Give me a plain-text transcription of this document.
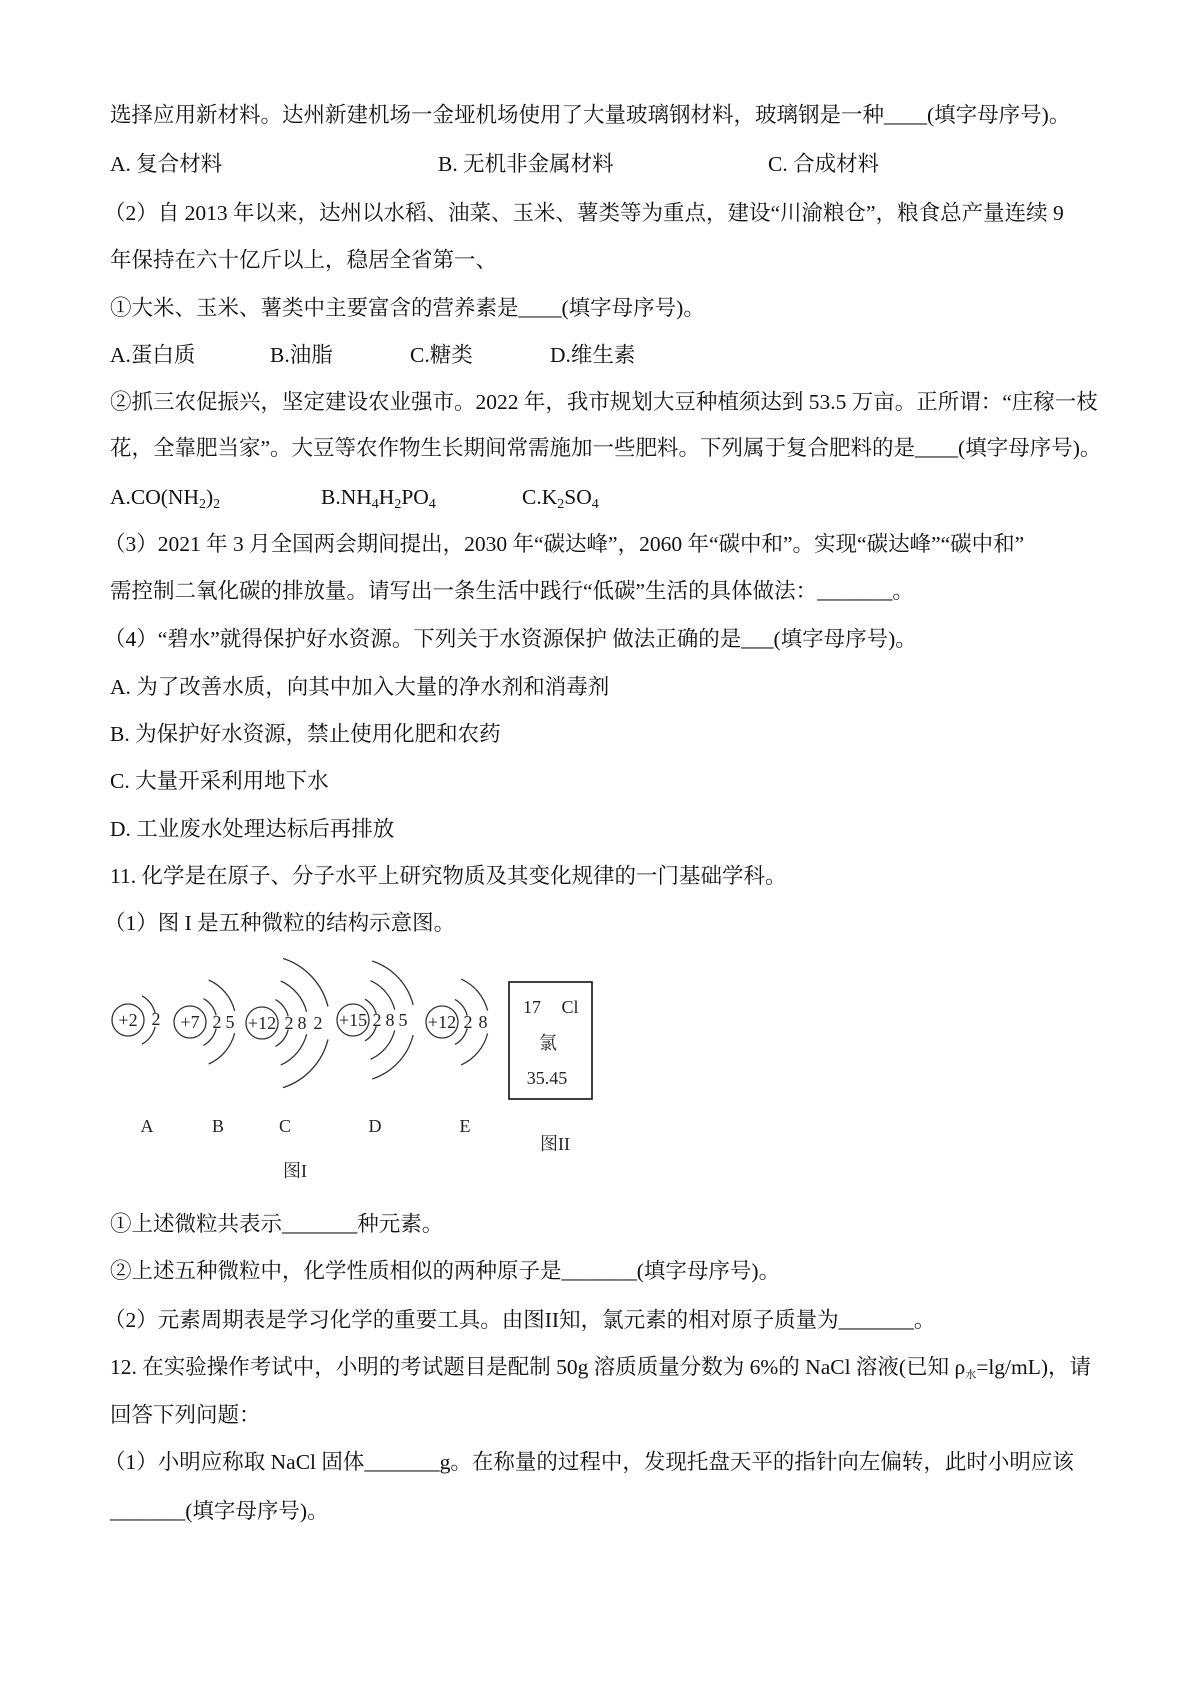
选择应用新材料。达州新建机场一金垭机场使用了大量玻璃钢材料，玻璃钢是一种____(填字母序号)。
A. 复合材料	B. 无机非金属材料	C. 合成材料
（2）自 2013 年以来，达州以水稻、油菜、玉米、薯类等为重点，建设“川渝粮仓”，粮食总产量连续 9
年保持在六十亿斤以上，稳居全省第一、
①大米、玉米、薯类中主要富含的营养素是____(填字母序号)。
A.蛋白质	B.油脂	C.糖类	D.维生素
②抓三农促振兴，坚定建设农业强市。2022 年，我市规划大豆种植须达到 53.5 万亩。正所谓：“庄稼一枝
花，全靠肥当家”。大豆等农作物生长期间常需施加一些肥料。下列属于复合肥料的是____(填字母序号)。
$A.CO(NH_2)_2$	$B.NH_4H_2PO_4$	$C.K_2SO_4$
（3）2021 年 3 月全国两会期间提出，2030 年“碳达峰”，2060 年“碳中和”。实现“碳达峰”“碳中和”
需控制二氧化碳的排放量。请写出一条生活中践行“低碳”生活的具体做法：_______。
（4）“碧水”就得保护好水资源。下列关于水资源保护 做法正确的是___(填字母序号)。
A. 为了改善水质，向其中加入大量的净水剂和消毒剂
B. 为保护好水资源，禁止使用化肥和农药
C. 大量开采利用地下水
D. 工业废水处理达标后再排放
11. 化学是在原子、分子水平上研究物质及其变化规律的一门基础学科。
（1）图 I 是五种微粒的结构示意图。
+2 +7	+12	+15	+12
2	2 5	2 8 2	2 8 5	2 8
A	B	C	D	E
图I
17 Cl
氯
35.45
图II
①上述微粒共表示_______种元素。
②上述五种微粒中，化学性质相似的两种原子是_______(填字母序号)。
（2）元素周期表是学习化学的重要工具。由图II知，氯元素的相对原子质量为_______。
12. 在实验操作考试中，小明的考试题目是配制 50g 溶质质量分数为 6%的 NaCl 溶液(已知 $\rho_水=\lg/mL$)，请
回答下列问题：
（1）小明应称取 NaCl 固体_______g。在称量的过程中，发现托盘天平的指针向左偏转，此时小明应该
_______(填字母序号)。
